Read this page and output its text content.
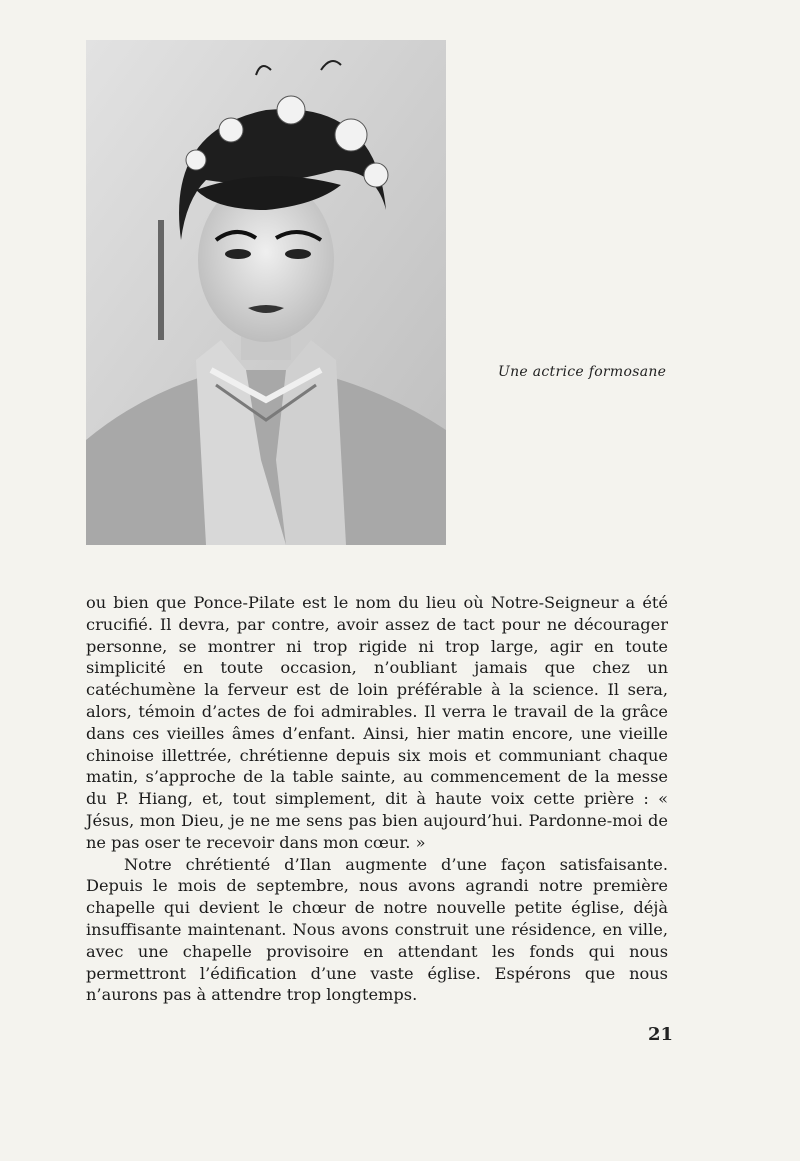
Une actrice formosane

ou bien que Ponce-Pilate est le nom du lieu où Notre-Seigneur a été crucifié. Il devra, par contre, avoir assez de tact pour ne décourager personne, se montrer ni trop rigide ni trop large, agir en toute simplicité en toute occasion, n’oubliant jamais que chez un catéchumène la ferveur est de loin préférable à la science. Il sera, alors, témoin d’actes de foi admirables. Il verra le travail de la grâce dans ces vieilles âmes d’enfant. Ainsi, hier matin encore, une vieille chinoise illettrée, chrétienne depuis six mois et communiant chaque matin, s’approche de la table sainte, au commencement de la messe du P. Hiang, et, tout simplement, dit à haute voix cette prière : « Jésus, mon Dieu, je ne me sens pas bien aujourd’hui. Pardonne-moi de ne pas oser te recevoir dans mon cœur. »

Notre chrétienté d’Ilan augmente d’une façon satisfaisante. Depuis le mois de septembre, nous avons agrandi notre première chapelle qui devient le chœur de notre nouvelle petite église, déjà insuffisante maintenant. Nous avons construit une résidence, en ville, avec une chapelle provisoire en attendant les fonds qui nous permettront l’édification d’une vaste église. Espérons que nous n’aurons pas à attendre trop longtemps.

21
